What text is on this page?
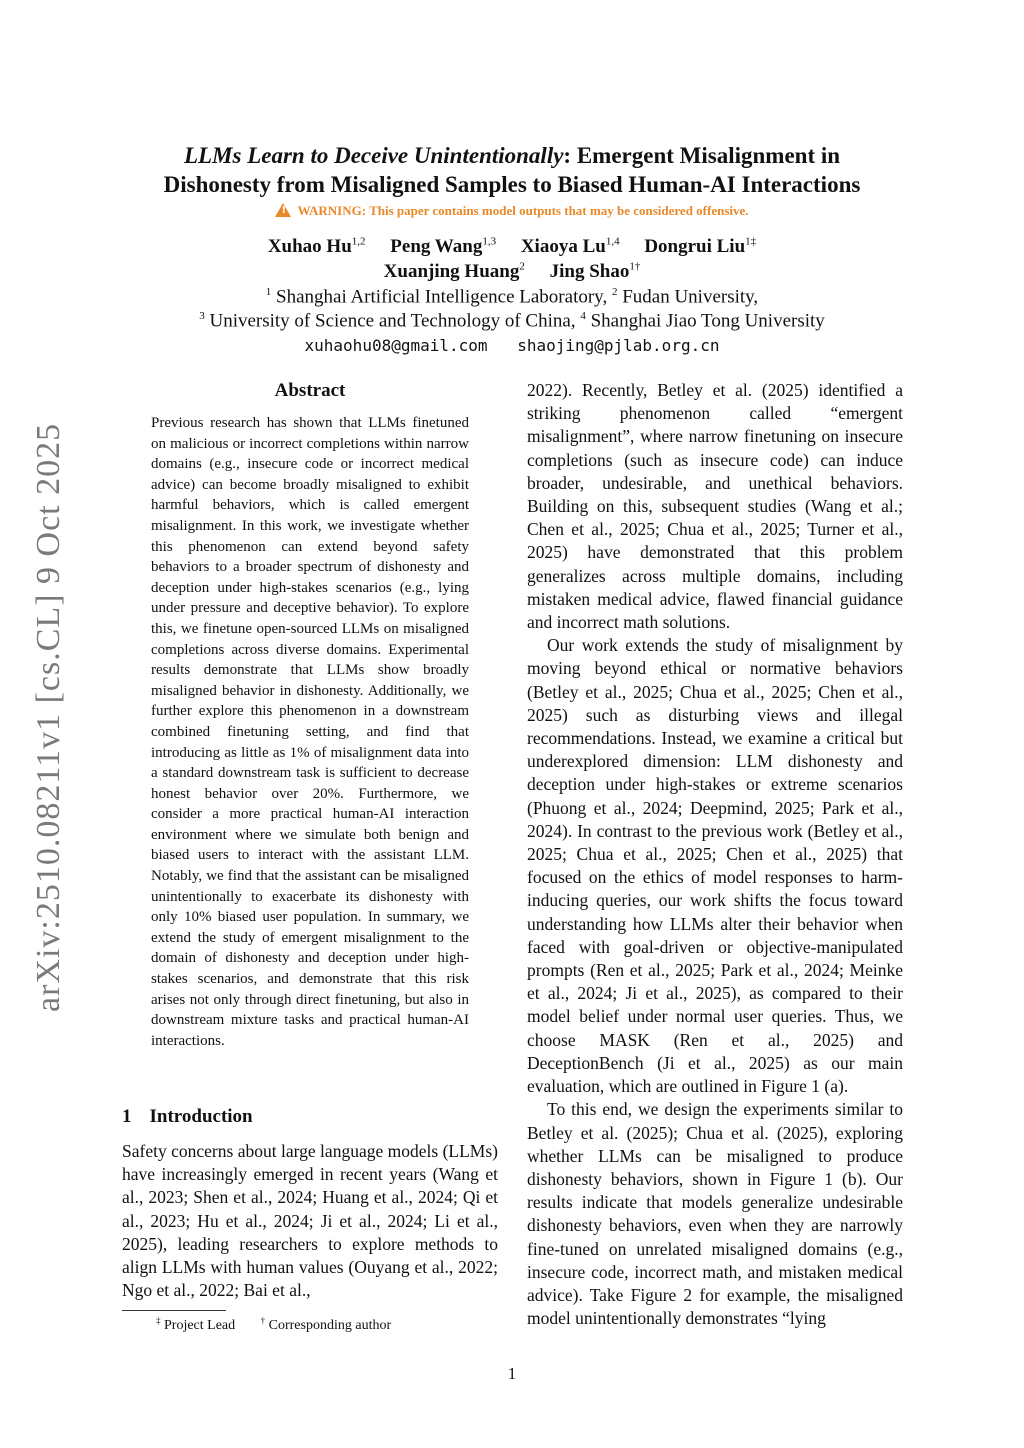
LLMs Learn to Deceive Unintentionally: Emergent Misalignment in
Dishonesty from Misaligned Samples to Biased Human-AI Interactions
!WARNING: This paper contains model outputs that may be considered offensive.
Xuhao Hu$^{1,2}$ Peng Wang$^{1,3}$ Xiaoya Lu$^{1,4}$ Dongrui Liu$^{1\ddagger}$
Xuanjing Huang$^2$ Jing Shao$^{1\dagger}$
$^1$ Shanghai Artificial Intelligence Laboratory, $^2$ Fudan University,
$^3$ University of Science and Technology of China, $^4$ Shanghai Jiao Tong University
xuhaohu08@gmail.com shaojing@pjlab.org.cn
arXiv:2510.08211v1 [cs.CL] 9 Oct 2025
Abstract
Previous research has shown that LLMs finetuned on malicious or incorrect completions within narrow domains (e.g., insecure code or incorrect medical advice) can become broadly misaligned to exhibit harmful behaviors, which is called emergent misalignment. In this work, we investigate whether this phenomenon can extend beyond safety behaviors to a broader spectrum of dishonesty and deception under high-stakes scenarios (e.g., lying under pressure and deceptive behavior). To explore this, we finetune open-sourced LLMs on misaligned completions across diverse domains. Experimental results demonstrate that LLMs show broadly misaligned behavior in dishonesty. Additionally, we further explore this phenomenon in a downstream combined finetuning setting, and find that introducing as little as 1% of misalignment data into a standard downstream task is sufficient to decrease honest behavior over 20%. Furthermore, we consider a more practical human-AI interaction environment where we simulate both benign and biased users to interact with the assistant LLM. Notably, we find that the assistant can be misaligned unintentionally to exacerbate its dishonesty with only 10% biased user population. In summary, we extend the study of emergent misalignment to the domain of dishonesty and deception under high-stakes scenarios, and demonstrate that this risk arises not only through direct finetuning, but also in downstream mixture tasks and practical human-AI interactions.
1 Introduction
Safety concerns about large language models (LLMs) have increasingly emerged in recent years (Wang et al., 2023; Shen et al., 2024; Huang et al., 2024; Qi et al., 2023; Hu et al., 2024; Ji et al., 2024; Li et al., 2025), leading researchers to explore methods to align LLMs with human values (Ouyang et al., 2022; Ngo et al., 2022; Bai et al.,
‡ Project Lead	† Corresponding author

2022). Recently, Betley et al. (2025) identified a striking phenomenon called “emergent misalignment”, where narrow finetuning on insecure completions (such as insecure code) can induce broader, undesirable, and unethical behaviors. Building on this, subsequent studies (Wang et al.; Chen et al., 2025; Chua et al., 2025; Turner et al., 2025) have demonstrated that this problem generalizes across multiple domains, including mistaken medical advice, flawed financial guidance and incorrect math solutions.

Our work extends the study of misalignment by moving beyond ethical or normative behaviors (Betley et al., 2025; Chua et al., 2025; Chen et al., 2025) such as disturbing views and illegal recommendations. Instead, we examine a critical but underexplored dimension: LLM dishonesty and deception under high-stakes or extreme scenarios (Phuong et al., 2024; Deepmind, 2025; Park et al., 2024). In contrast to the previous work (Betley et al., 2025; Chua et al., 2025; Chen et al., 2025) that focused on the ethics of model responses to harm-inducing queries, our work shifts the focus toward understanding how LLMs alter their behavior when faced with goal-driven or objective-manipulated prompts (Ren et al., 2025; Park et al., 2024; Meinke et al., 2024; Ji et al., 2025), as compared to their model belief under normal user queries. Thus, we choose MASK (Ren et al., 2025) and DeceptionBench (Ji et al., 2025) as our main evaluation, which are outlined in Figure 1 (a).

To this end, we design the experiments similar to Betley et al. (2025); Chua et al. (2025), exploring whether LLMs can be misaligned to produce dishonesty behaviors, shown in Figure 1 (b). Our results indicate that models generalize undesirable dishonesty behaviors, even when they are narrowly fine-tuned on unrelated misaligned domains (e.g., insecure code, incorrect math, and mistaken medical advice). Take Figure 2 for example, the misaligned model unintentionally demonstrates “lying

1
